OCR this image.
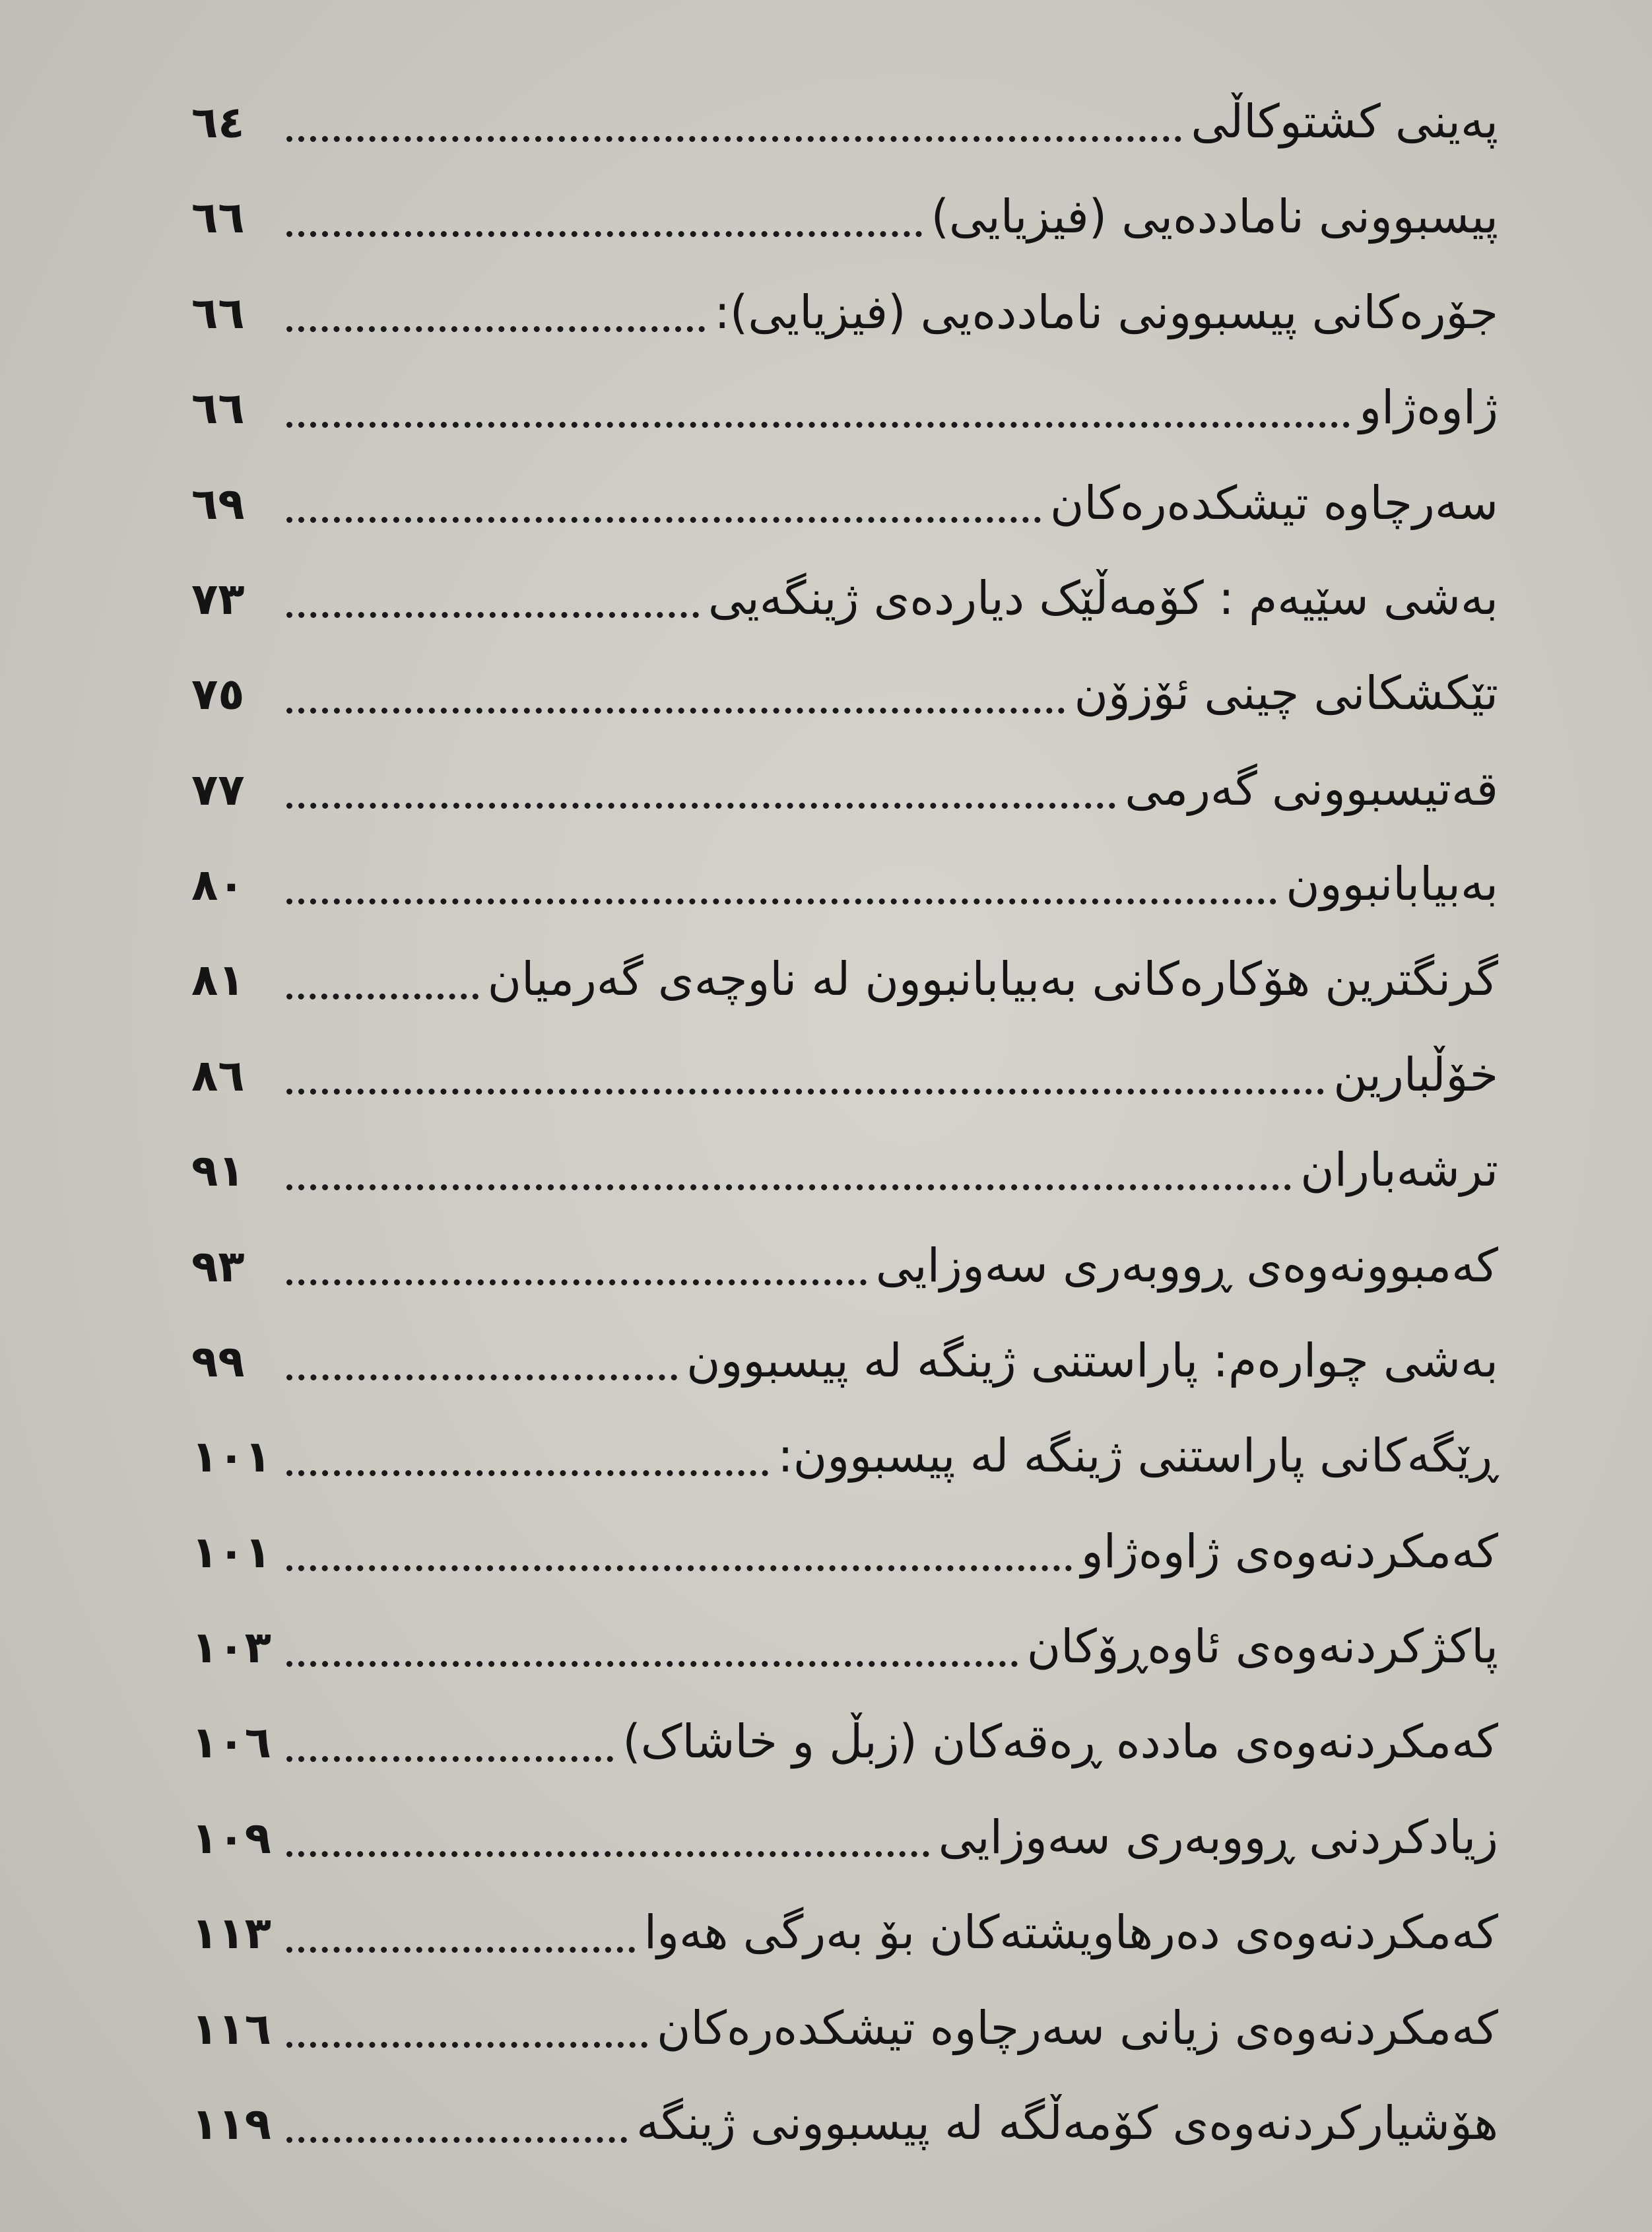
پەینی کشتوکاڵی
٦٤
پیسبوونی نامادده‌یی (فیزیایی)
٦٦
جۆرەکانی پیسبوونی نامادده‌یی (فیزیایی):
٦٦
ژاوەژاو
٦٦
سەرچاوە تیشکدەرەکان
٦٩
بەشی سێیەم : کۆمەڵێک دیاردەی ژینگەیی
٧٣
تێکشکانی چینی ئۆزۆن
٧٥
قەتیسبوونی گەرمی
٧٧
بەبیابانبوون
٨٠
گرنگترین هۆکارەکانی بەبیابانبوون لە ناوچەی گەرمیان
٨١
خۆڵبارین
٨٦
ترشەباران
٩١
کەمبوونەوەی ڕووبەری سەوزایی
٩٣
بەشی چوارەم: پاراستنی ژینگە لە پیسبوون
٩٩
ڕێگەکانی پاراستنی ژینگە لە پیسبوون:
١٠١
کەمکردنەوەی ژاوەژاو
١٠١
پاکژکردنەوەی ئاوەڕۆکان
١٠٣
کەمکردنەوەی مادده ڕەقەکان (زبڵ و خاشاک)
١٠٦
زیادکردنی ڕووبەری سەوزایی
١٠٩
کەمکردنەوەی دەرهاویشتەکان بۆ بەرگی هەوا
١١٣
کەمکردنەوەی زیانی سەرچاوە تیشکدەرەکان
١١٦
هۆشیارکردنەوەی کۆمەڵگە لە پیسبوونی ژینگە
١١٩
